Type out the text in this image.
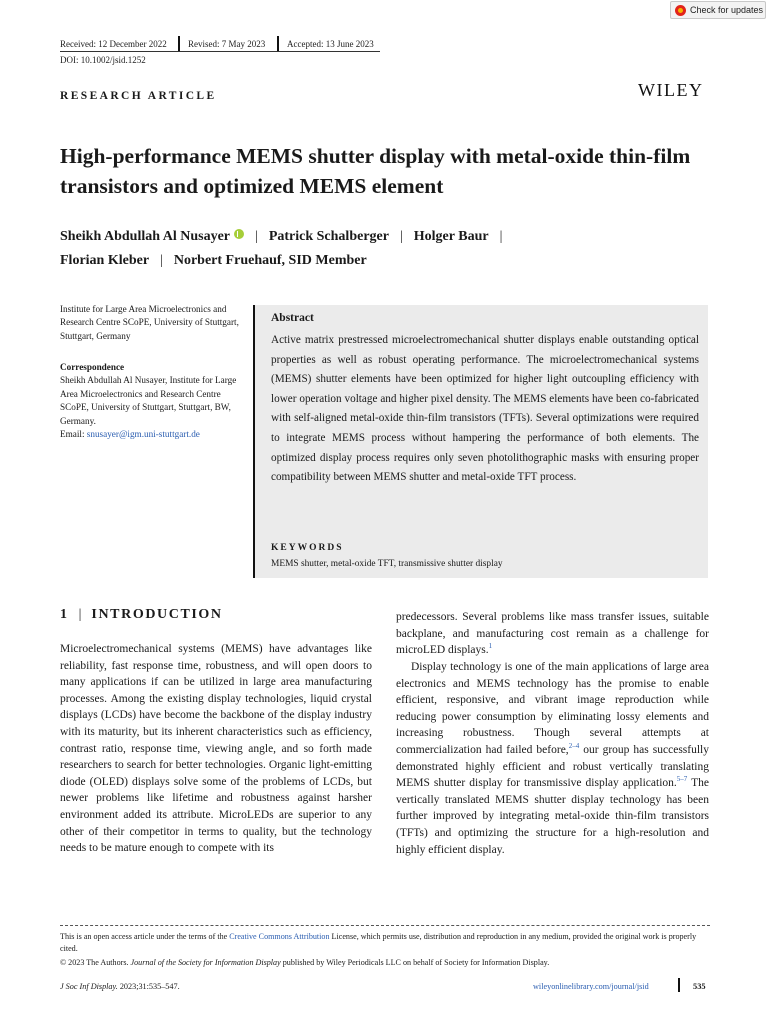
Check for updates
Received: 12 December 2022 Revised: 7 May 2023 Accepted: 13 June 2023
DOI: 10.1002/jsid.1252
RESEARCH ARTICLE	WILEY
High-performance MEMS shutter display with metal-oxide thin-film transistors and optimized MEMS element
Sheikh Abdullah Al Nusayer | Patrick Schalberger | Holger Baur |
Florian Kleber | Norbert Fruehauf, SID Member
Institute for Large Area Microelectronics and Research Centre SCoPE, University of Stuttgart, Stuttgart, Germany
Correspondence
Sheikh Abdullah Al Nusayer, Institute for Large Area Microelectronics and Research Centre SCoPE, University of Stuttgart, Stuttgart, BW, Germany.
Email: snusayer@igm.uni-stuttgart.de
Abstract

Active matrix prestressed microelectromechanical shutter displays enable outstanding optical properties as well as robust operating performance. The microelectromechanical systems (MEMS) shutter elements have been optimized for higher light outcoupling efficiency with lower operation voltage and higher pixel density. The MEMS elements have been co-fabricated with self-aligned metal-oxide thin-film transistors (TFTs). Several optimizations were required to integrate MEMS process without hampering the performance of both elements. The optimized display process requires only seven photolithographic masks with ensuring proper compatibility between MEMS shutter and metal-oxide TFT process.

KEYWORDS
MEMS shutter, metal-oxide TFT, transmissive shutter display
1 | INTRODUCTION

Microelectromechanical systems (MEMS) have advantages like reliability, fast response time, robustness, and will open doors to many applications if can be utilized in large area manufacturing processes. Among the existing display technologies, liquid crystal displays (LCDs) have become the backbone of the display industry with its maturity, but its inherent characteristics such as efficiency, contrast ratio, response time, viewing angle, and so forth made researchers to search for better technologies. Organic light-emitting diode (OLED) displays solve some of the problems of LCDs, but newer problems like lifetime and robustness against harsher environment added its attribute. MicroLEDs are superior to any other of their competitor in terms to quality, but the technology needs to be mature enough to compete with its

predecessors. Several problems like mass transfer issues, suitable backplane, and manufacturing cost remain as a challenge for microLED displays.$^1$

Display technology is one of the main applications of large area electronics and MEMS technology has the promise to enable efficient, responsive, and vibrant image reproduction while reducing power consumption by eliminating lossy elements and increasing robustness. Though several attempts at commercialization had failed before,$^{2-4}$ our group has successfully demonstrated highly efficient and robust vertically translating MEMS shutter display for transmissive display application.$^{5-7}$ The vertically translated MEMS shutter display technology has been further improved by integrating metal-oxide thin-film transistors (TFTs) and optimizing the structure for a high-resolution and highly efficient display.

This is an open access article under the terms of the Creative Commons Attribution License, which permits use, distribution and reproduction in any medium, provided the original work is properly cited.
© 2023 The Authors. Journal of the Society for Information Display published by Wiley Periodicals LLC on behalf of Society for Information Display.
J Soc Inf Display. 2023;31:535–547.	wileyonlinelibrary.com/journal/jsid	535
